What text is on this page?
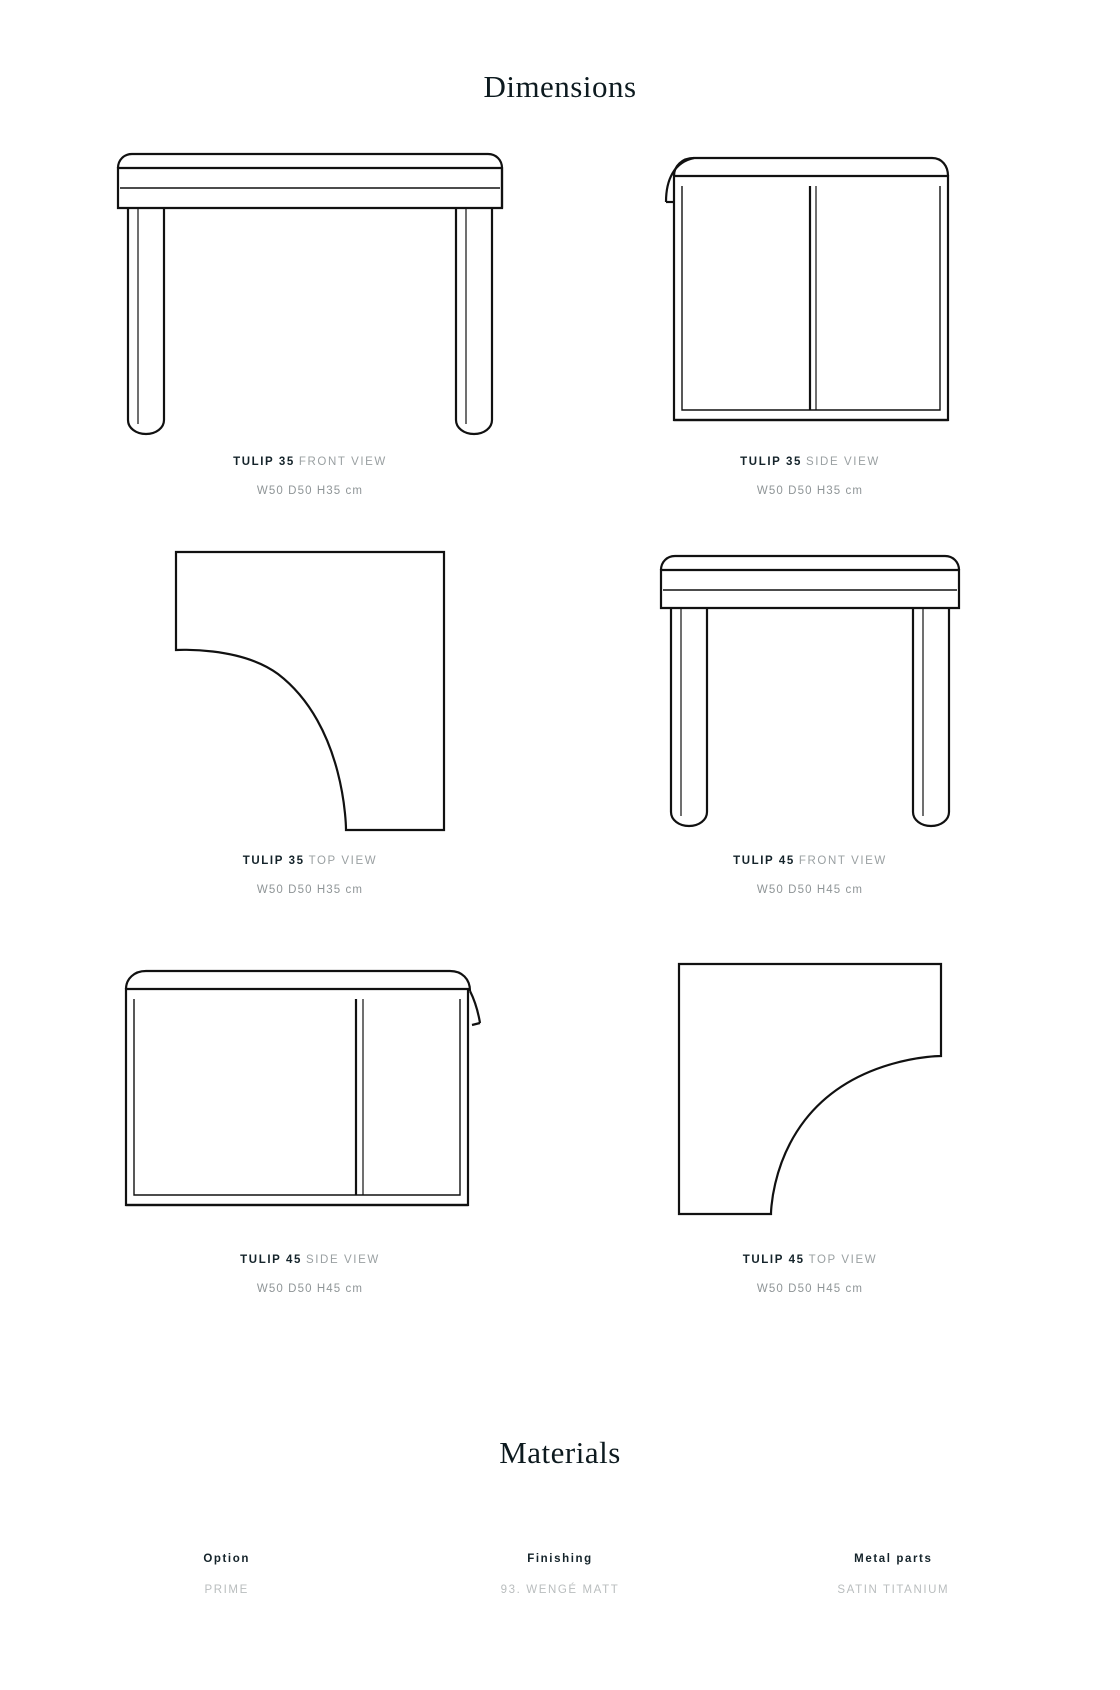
Dimensions
TULIP 35 FRONT VIEW
W50 D50 H35 cm
TULIP 35 SIDE VIEW
W50 D50 H35 cm
TULIP 35 TOP VIEW
W50 D50 H35 cm
TULIP 45 FRONT VIEW
W50 D50 H45 cm
TULIP 45 SIDE VIEW
W50 D50 H45 cm
TULIP 45 TOP VIEW
W50 D50 H45 cm
Materials
Option
PRIME
Finishing
93. WENGÉ MATT
Metal parts
SATIN TITANIUM
